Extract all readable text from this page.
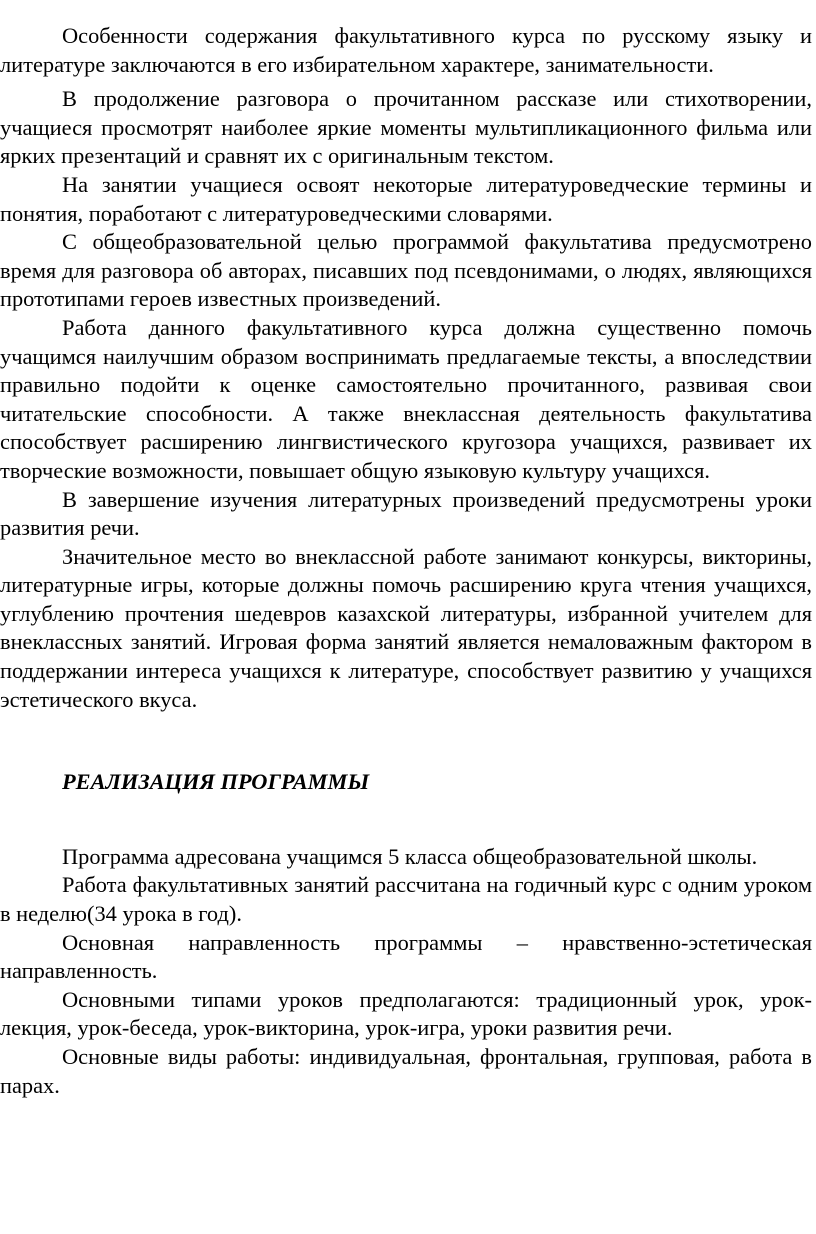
Особенности содержания факультативного курса по русскому языку и литературе заключаются в его избирательном характере, занимательности.

В продолжение разговора о прочитанном рассказе или стихотворении, учащиеся просмотрят наиболее яркие моменты мультипликационного фильма или ярких презентаций и сравнят их с оригинальным текстом.

На занятии учащиеся освоят некоторые литературоведческие термины и понятия, поработают с литературоведческими словарями.

С общеобразовательной целью программой факультатива предусмотрено время для разговора об авторах, писавших под псевдонимами, о людях, являющихся прототипами героев известных произведений.

Работа данного факультативного курса должна существенно помочь учащимся наилучшим образом воспринимать предлагаемые тексты, а впоследствии правильно подойти к оценке самостоятельно прочитанного, развивая свои читательские способности. А также внеклассная деятельность факультатива способствует расширению лингвистического кругозора учащихся, развивает их творческие возможности, повышает общую языковую культуру учащихся.

В завершение изучения литературных произведений предусмотрены уроки развития речи.

Значительное место во внеклассной работе занимают конкурсы, викторины, литературные игры, которые должны помочь расширению круга чтения учащихся, углублению прочтения шедевров казахской литературы, избранной учителем для внеклассных занятий. Игровая форма занятий является немаловажным фактором в поддержании интереса учащихся к литературе, способствует развитию у учащихся эстетического вкуса.

РЕАЛИЗАЦИЯ ПРОГРАММЫ

Программа адресована учащимся 5 класса общеобразовательной школы.

Работа факультативных занятий рассчитана на годичный курс с одним уроком в неделю(34 урока в год).

Основная направленность программы – нравственно-эстетическая направленность.

Основными типами уроков предполагаются: традиционный урок, урок-лекция, урок-беседа, урок-викторина, урок-игра, уроки развития речи.

Основные виды работы: индивидуальная, фронтальная, групповая, работа в парах.
